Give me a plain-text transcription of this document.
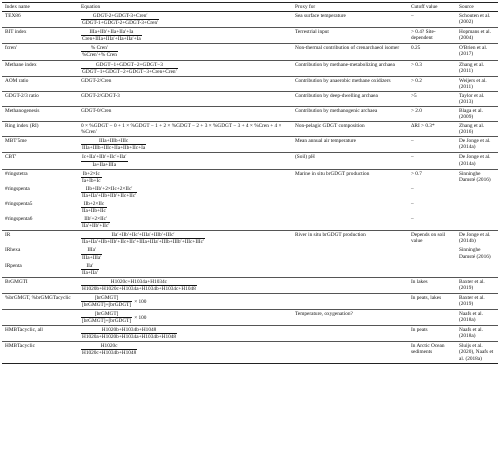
Index name	Equation	Proxy for	Cutoff value	Source
TEX86	$\frac{\text{GDGT-2+GDGT-3+Cren′}}{\text{GDGT-1+GDGT-2+GDGT-3+Cren′}}$	Sea surface temperature	–	Schouten et al. (2002)
BIT index	$\frac{\text{IIIa+IIb′+IIa+IIa′+Ia}}{\text{Cren+IIIa+IIIa′+IIa+IIa′+Ia}}$	Terrestrial input	> 0.4? Site-dependent	Hopmans et al. (2004)
fcren′	$\frac{\text{\% Cren′}}{\text{\%Cren′+\% Cren}}$	Non-thermal contribution of crenarchaeol isomer	0.25	O'Brien et al. (2017)
Methane index	$\frac{\text{GDGT−1+GDGT−2+GDGT−3}}{\text{GDGT−1+GDGT−2+GDGT−3+Cren+Cren′}}$	Contribution by methane-metabolizing archaea	> 0.3	Zhang et al. (2011)
AOM ratio	GDGT-2/Cren	Contribution by anaerobic methane oxidizers	> 0.2	Weijers et al. (2011)
GDGT-2/3 ratio	GDGT-2/GDGT-3	Contribution by deep-dwelling archaea	>5	Taylor et al. (2013)
Methanogenesis	GDGT-0/Cren	Contribution by methanogenic archaea	> 2.0	Blaga et al. (2009)
Ring index (RI)	0 × %GDGT − 0 + 1 × %GDGT − 1 + 2 × %GDGT − 2 + 3 × %GDGT − 3 + 4 × %Cren + 4 × %Cren′	Non-pelagic GDGT composition	ΔRI > 0.3*	Zhang et al. (2016)
MBT′5me	$\frac{\text{IIIa+IIIb+IIIc}}{\text{IIIa+IIIb+IIIc+IIa+IIb+IIc+Ia}}$	Mean annual air temperature	–	De Jonge et al. (2014a)
CBT′	$\frac{\text{Ic+IIa′+IIb′+IIc′+IIa′}}{\text{Ia+IIa+IIIa}}$	(Soil) pH	–	De Jonge et al. (2014a)
#ringstetra	$\frac{Ib+2\times Ic}{Ia+Ib+Ic}$	Marine in situ brGDGT production	> 0.7	Sinninghe Damsté (2016)
#ringspenta	$\frac{\text{IIb+IIb′+2×IIc+2×IIc′}}{\text{IIa+IIa′+IIb+IIb′+IIc+IIc′}}$		–	
#ringspenta5	$\frac{\text{IIb+2×IIc}}{\text{IIa+IIb+IIc}}$		–	
#ringspenta6	$\frac{\text{IIb′+2×IIc′}}{\text{IIa′+IIb′+IIc′}}$		–	
IR	$\frac{\text{IIa′+IIb′+IIc′+IIIa′+IIIb′+IIIc′}}{\text{IIa+IIa′+IIb+IIb′+IIc+IIc′+IIIa+IIIa′+IIIb+IIIb′+IIIc+IIIc′}}$	River in situ brGDGT production	Depends on soil value	De Jonge et al. (2014b)
IRhexa	$\frac{\text{IIIa′}}{\text{IIIa+IIIa′}}$			Sinninghe Damsté (2016)
IRpenta	$\frac{\text{IIa′}}{\text{IIa+IIa′}}$

BrGMGTI	$\frac{H1020c+H1034a+H1034c}{H1020b+H1020c+H1034a+H1034b+H1034c+H1048}$		In lakes	Baxter et al. (2019)
%brGMGT, %brGMGTacyclic	$\frac{\text{[brGMGT]}}{\text{[brGMGT]+[brGDGT]}} \times 100$		In peats, lakes	Baxter et al. (2019)

	$\frac{\text{[brGMGT]}}{\text{[brGMGT]+[brGDGT]}} \times 100$	Temperature, oxygenation?		Naafs et al. (2018a)
HMBTacyclic, all	$\frac{H1020b+H1034b+H1048}{H1020a+H1020b+H1034a+H1034b+H1048}$		In peats	Naafs et al. (2018a)
HMBTacyclic	$\frac{H1020c}{H1020c+H1034b+H1048}$		In Arctic Ocean sediments	Sluijs et al. (2020), Naafs et al. (2018a)
